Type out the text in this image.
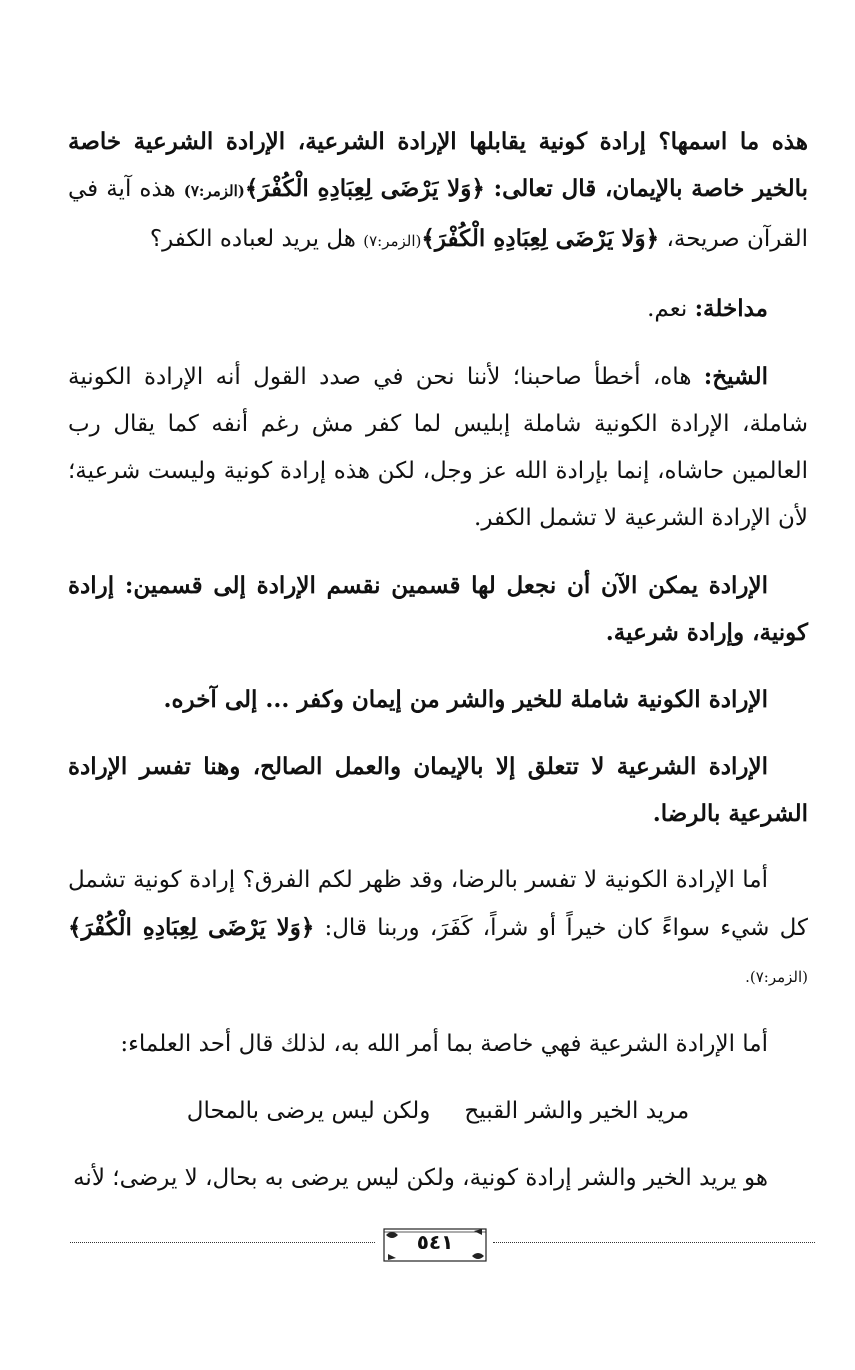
هذه ما اسمها؟ إرادة كونية يقابلها الإرادة الشرعية، الإرادة الشرعية خاصة بالخير خاصة بالإيمان، قال تعالى: ﴿وَلا يَرْضَى لِعِبَادِهِ الْكُفْرَ﴾(الزمر:٧) هذه آية في القرآن صريحة، ﴿وَلا يَرْضَى لِعِبَادِهِ الْكُفْرَ﴾(الزمر:٧) هل يريد لعباده الكفر؟

مداخلة: نعم.

الشيخ: هاه، أخطأ صاحبنا؛ لأننا نحن في صدد القول أنه الإرادة الكونية شاملة، الإرادة الكونية شاملة إبليس لما كفر مش رغم أنفه كما يقال رب العالمين حاشاه، إنما بإرادة الله عز وجل، لكن هذه إرادة كونية وليست شرعية؛ لأن الإرادة الشرعية لا تشمل الكفر.

الإرادة يمكن الآن أن نجعل لها قسمين نقسم الإرادة إلى قسمين: إرادة كونية، وإرادة شرعية.

الإرادة الكونية شاملة للخير والشر من إيمان وكفر ... إلى آخره.

الإرادة الشرعية لا تتعلق إلا بالإيمان والعمل الصالح، وهنا تفسر الإرادة الشرعية بالرضا.

أما الإرادة الكونية لا تفسر بالرضا، وقد ظهر لكم الفرق؟ إرادة كونية تشمل كل شيء سواءً كان خيراً أو شراً، كَفَرَ، وربنا قال: ﴿وَلا يَرْضَى لِعِبَادِهِ الْكُفْرَ﴾(الزمر:٧).

أما الإرادة الشرعية فهي خاصة بما أمر الله به، لذلك قال أحد العلماء:

مريد الخير والشر القبيحولكن ليس يرضى بالمحال

هو يريد الخير والشر إرادة كونية، ولكن ليس يرضى به بحال، لا يرضى؛ لأنه

٥٤١
